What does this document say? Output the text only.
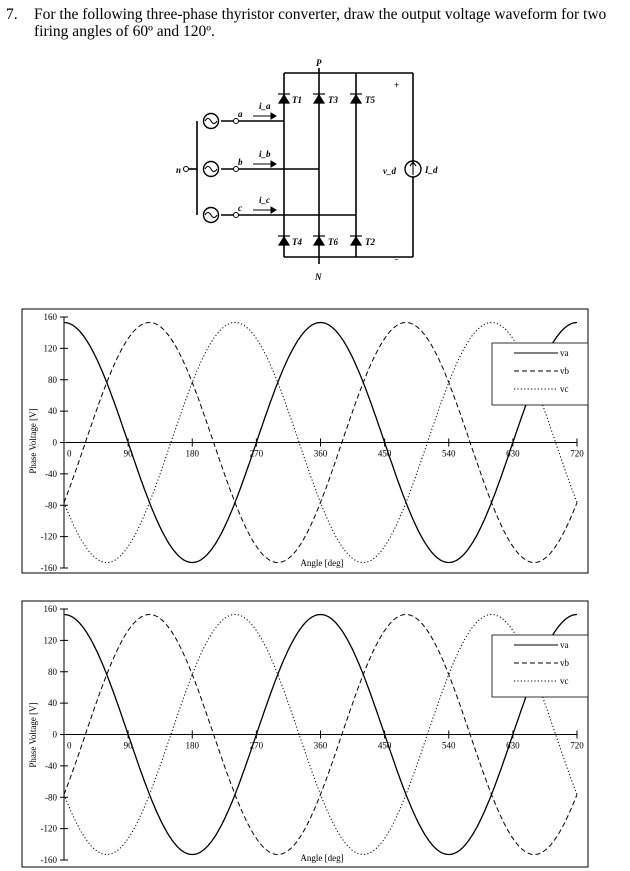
7. For the following three-phase thyristor converter, draw the output voltage waveform for two firing angles of 60º and 120º.
P
N
n
a
b
c
i_a
i_b
i_c
T1	T3	T5
T4	T6	T2
v_d	I_d
+
-
160
120
80
40
0
-40
-80
-120
-160
90	180	270	360	450	540	630	720
0
Phase Voltage [V]
Angle [deg]
va
vb
vc
160
120
80
40
0
-40
-80
-120
-160
90	180	270	360	450	540	630	720
0
Phase Voltage [V]
Angle [deg]
va
vb
vc
